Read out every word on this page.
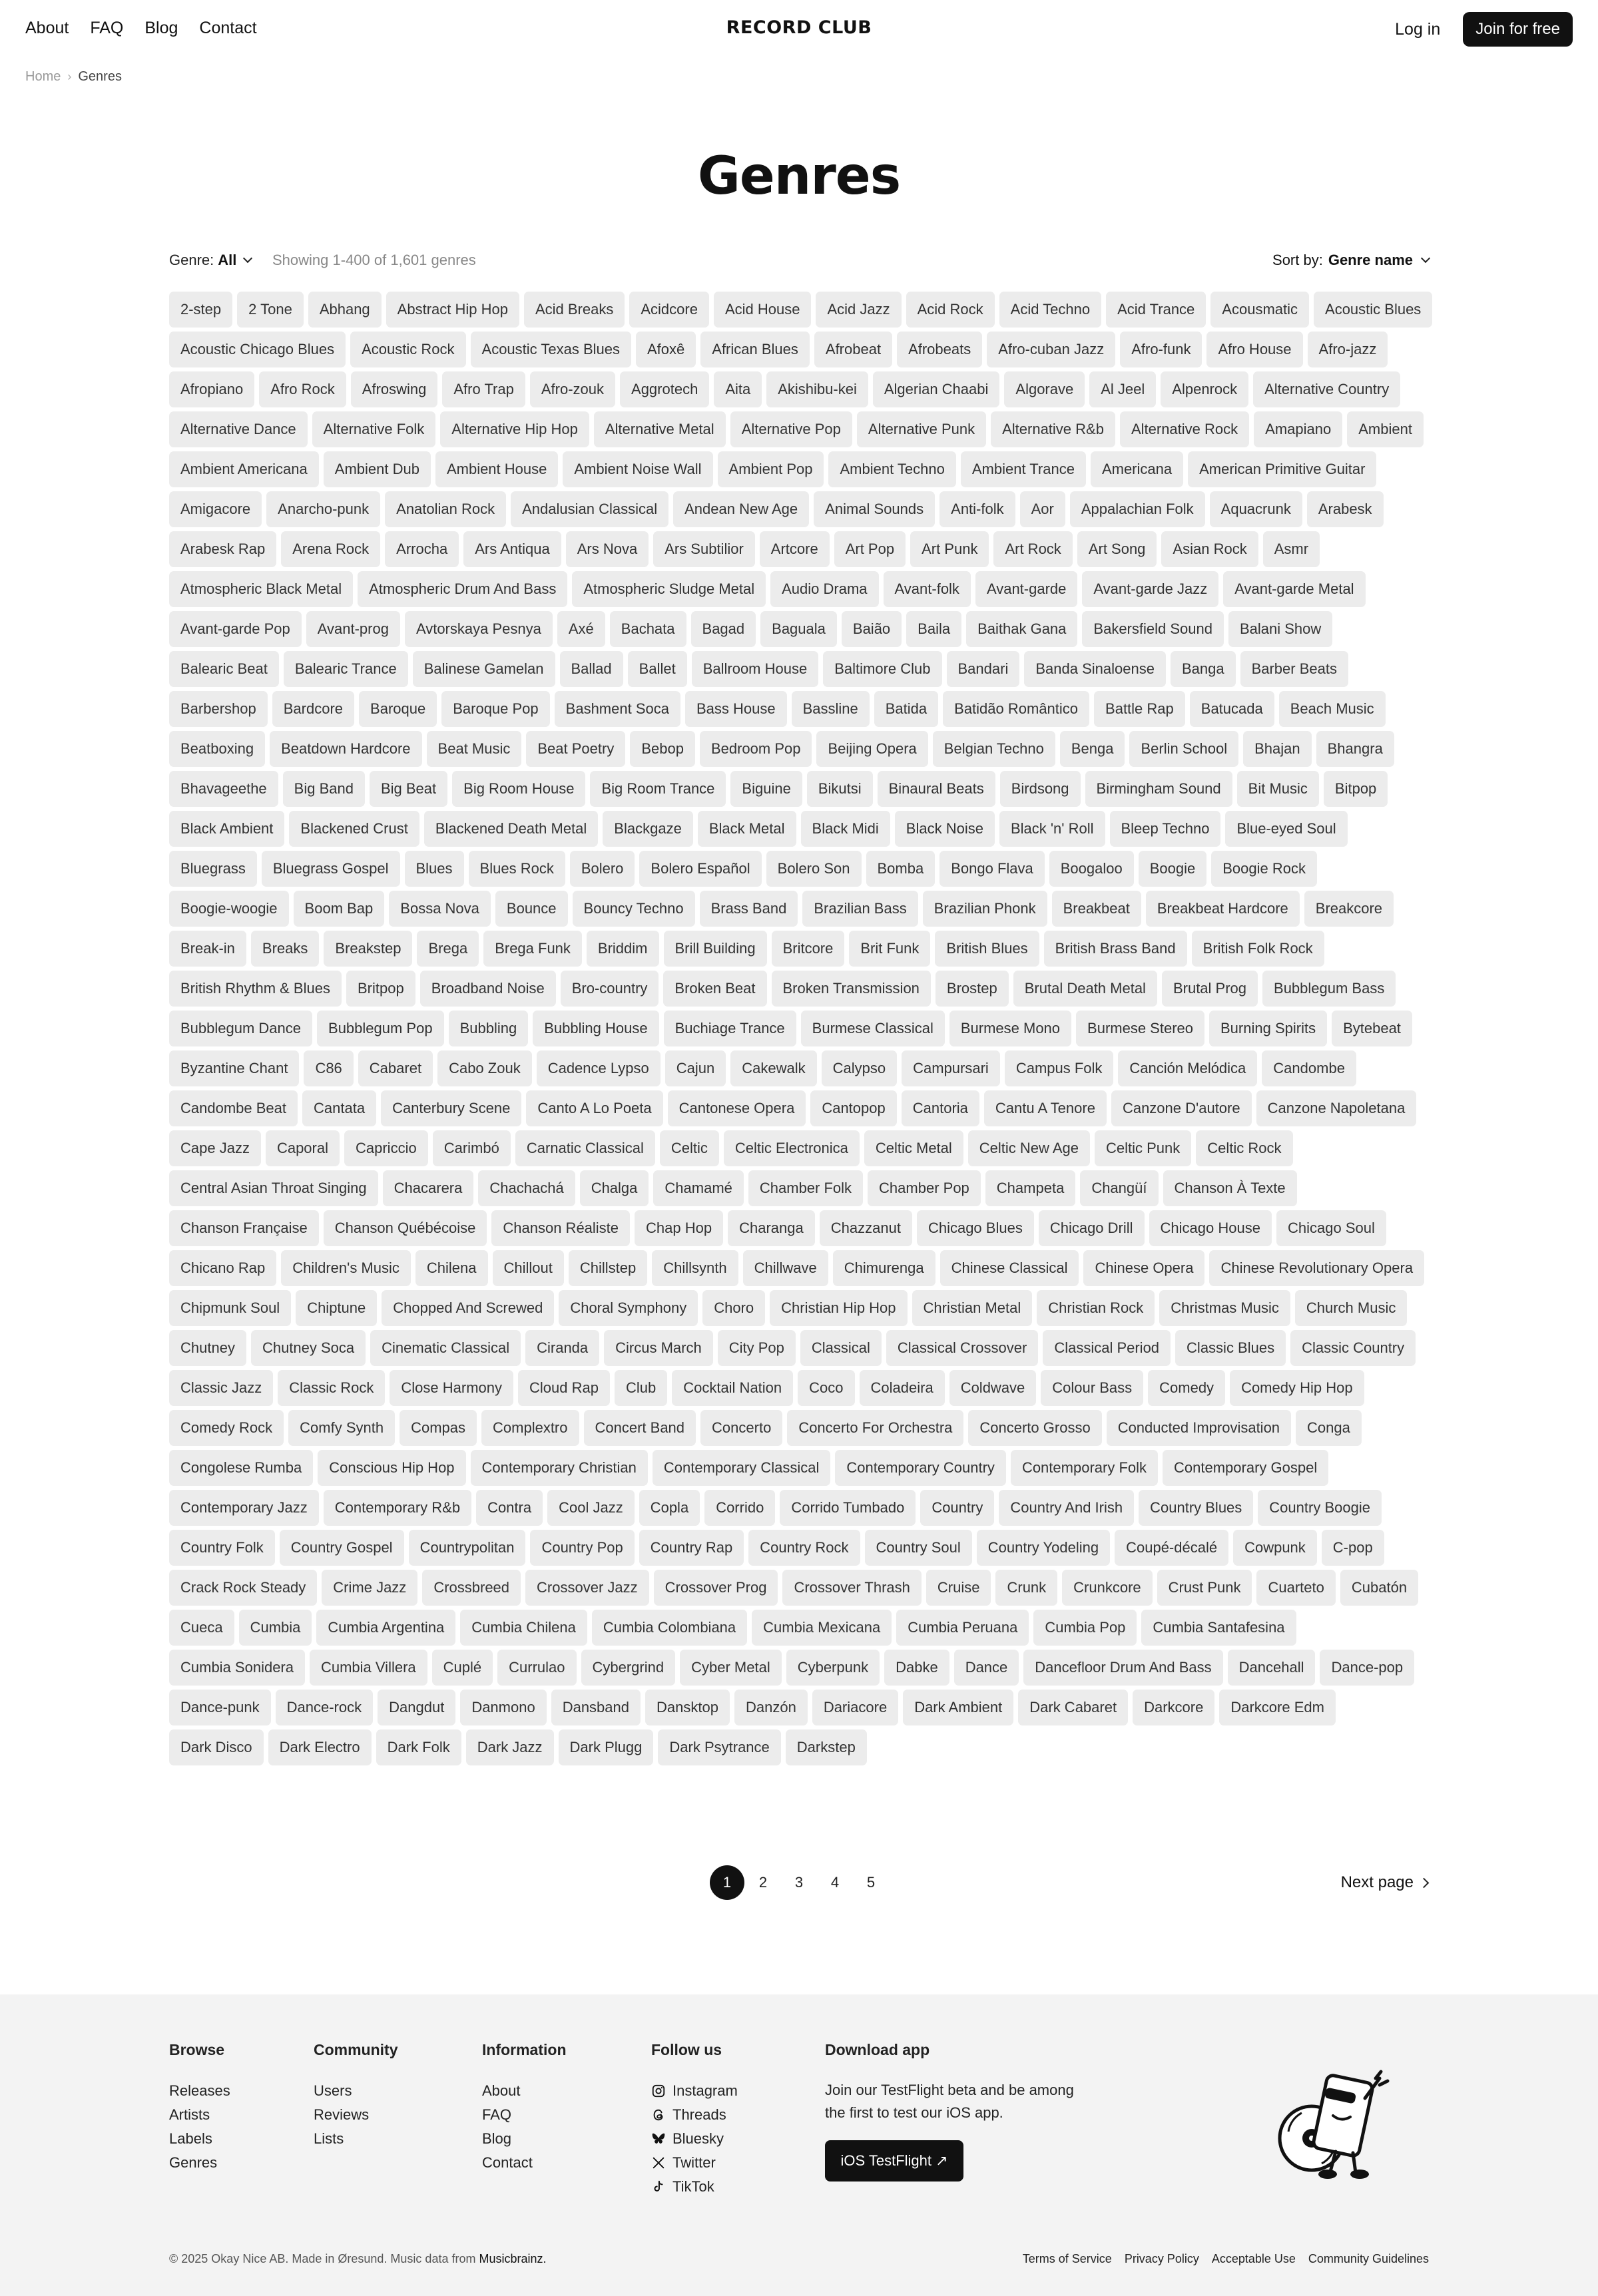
About FAQ Blog Contact	RECORD CLUB	Log in	Join for free
Home › Genres
Genres
Genre: All Showing 1-400 of 1,601 genres	Sort by: Genre name
2-step	2 Tone	Abhang	Abstract Hip Hop	Acid Breaks	Acidcore	Acid House	Acid Jazz	Acid Rock	Acid Techno	Acid Trance	Acousmatic	Acoustic Blues
Acoustic Chicago Blues	Acoustic Rock	Acoustic Texas Blues	Afoxê	African Blues	Afrobeat	Afrobeats	Afro-cuban Jazz	Afro-funk	Afro House	Afro-jazz
Afropiano	Afro Rock	Afroswing	Afro Trap	Afro-zouk	Aggrotech	Aita	Akishibu-kei	Algerian Chaabi	Algorave	Al Jeel	Alpenrock	Alternative Country
Alternative Dance	Alternative Folk	Alternative Hip Hop	Alternative Metal	Alternative Pop	Alternative Punk	Alternative R&b	Alternative Rock	Amapiano	Ambient
Ambient Americana	Ambient Dub	Ambient House	Ambient Noise Wall	Ambient Pop	Ambient Techno	Ambient Trance	Americana	American Primitive Guitar
Amigacore	Anarcho-punk	Anatolian Rock	Andalusian Classical	Andean New Age	Animal Sounds	Anti-folk	Aor	Appalachian Folk	Aquacrunk	Arabesk
Arabesk Rap	Arena Rock	Arrocha	Ars Antiqua	Ars Nova	Ars Subtilior	Artcore	Art Pop	Art Punk	Art Rock	Art Song	Asian Rock	Asmr
Atmospheric Black Metal	Atmospheric Drum And Bass	Atmospheric Sludge Metal	Audio Drama	Avant-folk	Avant-garde	Avant-garde Jazz	Avant-garde Metal
Avant-garde Pop	Avant-prog	Avtorskaya Pesnya	Axé	Bachata	Bagad	Baguala	Baião	Baila	Baithak Gana	Bakersfield Sound	Balani Show
Balearic Beat	Balearic Trance	Balinese Gamelan	Ballad	Ballet	Ballroom House	Baltimore Club	Bandari	Banda Sinaloense	Banga	Barber Beats
Barbershop	Bardcore	Baroque	Baroque Pop	Bashment Soca	Bass House	Bassline	Batida	Batidão Romântico	Battle Rap	Batucada	Beach Music
Beatboxing	Beatdown Hardcore	Beat Music	Beat Poetry	Bebop	Bedroom Pop	Beijing Opera	Belgian Techno	Benga	Berlin School	Bhajan	Bhangra
Bhavageethe	Big Band	Big Beat	Big Room House	Big Room Trance	Biguine	Bikutsi	Binaural Beats	Birdsong	Birmingham Sound	Bit Music	Bitpop
Black Ambient	Blackened Crust	Blackened Death Metal	Blackgaze	Black Metal	Black Midi	Black Noise	Black 'n' Roll	Bleep Techno	Blue-eyed Soul
Bluegrass	Bluegrass Gospel	Blues	Blues Rock	Bolero	Bolero Español	Bolero Son	Bomba	Bongo Flava	Boogaloo	Boogie	Boogie Rock
Boogie-woogie	Boom Bap	Bossa Nova	Bounce	Bouncy Techno	Brass Band	Brazilian Bass	Brazilian Phonk	Breakbeat	Breakbeat Hardcore	Breakcore
Break-in	Breaks	Breakstep	Brega	Brega Funk	Briddim	Brill Building	Britcore	Brit Funk	British Blues	British Brass Band	British Folk Rock
British Rhythm & Blues	Britpop	Broadband Noise	Bro-country	Broken Beat	Broken Transmission	Brostep	Brutal Death Metal	Brutal Prog	Bubblegum Bass
Bubblegum Dance	Bubblegum Pop	Bubbling	Bubbling House	Buchiage Trance	Burmese Classical	Burmese Mono	Burmese Stereo	Burning Spirits	Bytebeat
Byzantine Chant	C86	Cabaret	Cabo Zouk	Cadence Lypso	Cajun	Cakewalk	Calypso	Campursari	Campus Folk	Canción Melódica	Candombe
Candombe Beat	Cantata	Canterbury Scene	Canto A Lo Poeta	Cantonese Opera	Cantopop	Cantoria	Cantu A Tenore	Canzone D'autore	Canzone Napoletana
Cape Jazz	Caporal	Capriccio	Carimbó	Carnatic Classical	Celtic	Celtic Electronica	Celtic Metal	Celtic New Age	Celtic Punk	Celtic Rock
Central Asian Throat Singing	Chacarera	Chachachá	Chalga	Chamamé	Chamber Folk	Chamber Pop	Champeta	Changüí	Chanson À Texte
Chanson Française	Chanson Québécoise	Chanson Réaliste	Chap Hop	Charanga	Chazzanut	Chicago Blues	Chicago Drill	Chicago House	Chicago Soul
Chicano Rap	Children's Music	Chilena	Chillout	Chillstep	Chillsynth	Chillwave	Chimurenga	Chinese Classical	Chinese Opera	Chinese Revolutionary Opera
Chipmunk Soul	Chiptune	Chopped And Screwed	Choral Symphony	Choro	Christian Hip Hop	Christian Metal	Christian Rock	Christmas Music	Church Music
Chutney	Chutney Soca	Cinematic Classical	Ciranda	Circus March	City Pop	Classical	Classical Crossover	Classical Period	Classic Blues	Classic Country
Classic Jazz	Classic Rock	Close Harmony	Cloud Rap	Club	Cocktail Nation	Coco	Coladeira	Coldwave	Colour Bass	Comedy	Comedy Hip Hop
Comedy Rock	Comfy Synth	Compas	Complextro	Concert Band	Concerto	Concerto For Orchestra	Concerto Grosso	Conducted Improvisation	Conga
Congolese Rumba	Conscious Hip Hop	Contemporary Christian	Contemporary Classical	Contemporary Country	Contemporary Folk	Contemporary Gospel
Contemporary Jazz	Contemporary R&b	Contra	Cool Jazz	Copla	Corrido	Corrido Tumbado	Country	Country And Irish	Country Blues	Country Boogie
Country Folk	Country Gospel	Countrypolitan	Country Pop	Country Rap	Country Rock	Country Soul	Country Yodeling	Coupé-décalé	Cowpunk	C-pop
Crack Rock Steady	Crime Jazz	Crossbreed	Crossover Jazz	Crossover Prog	Crossover Thrash	Cruise	Crunk	Crunkcore	Crust Punk	Cuarteto	Cubatón
Cueca	Cumbia	Cumbia Argentina	Cumbia Chilena	Cumbia Colombiana	Cumbia Mexicana	Cumbia Peruana	Cumbia Pop	Cumbia Santafesina
Cumbia Sonidera	Cumbia Villera	Cuplé	Currulao	Cybergrind	Cyber Metal	Cyberpunk	Dabke	Dance	Dancefloor Drum And Bass	Dancehall	Dance-pop
Dance-punk	Dance-rock	Dangdut	Danmono	Dansband	Dansktop	Danzón	Dariacore	Dark Ambient	Dark Cabaret	Darkcore	Darkcore Edm
Dark Disco	Dark Electro	Dark Folk	Dark Jazz	Dark Plugg	Dark Psytrance	Darkstep
1	2	3	4	5	Next page
Browse
Releases
Artists
Labels
Genres
Community
Users
Reviews
Lists
Information
About
FAQ
Blog
Contact
Follow us
Instagram
Threads
Bluesky
Twitter
TikTok
Download app
Join our TestFlight beta and be among the first to test our iOS app.
iOS TestFlight ↗
© 2025 Okay Nice AB. Made in Øresund. Music data from Musicbrainz.	Terms of Service Privacy Policy Acceptable Use Community Guidelines
